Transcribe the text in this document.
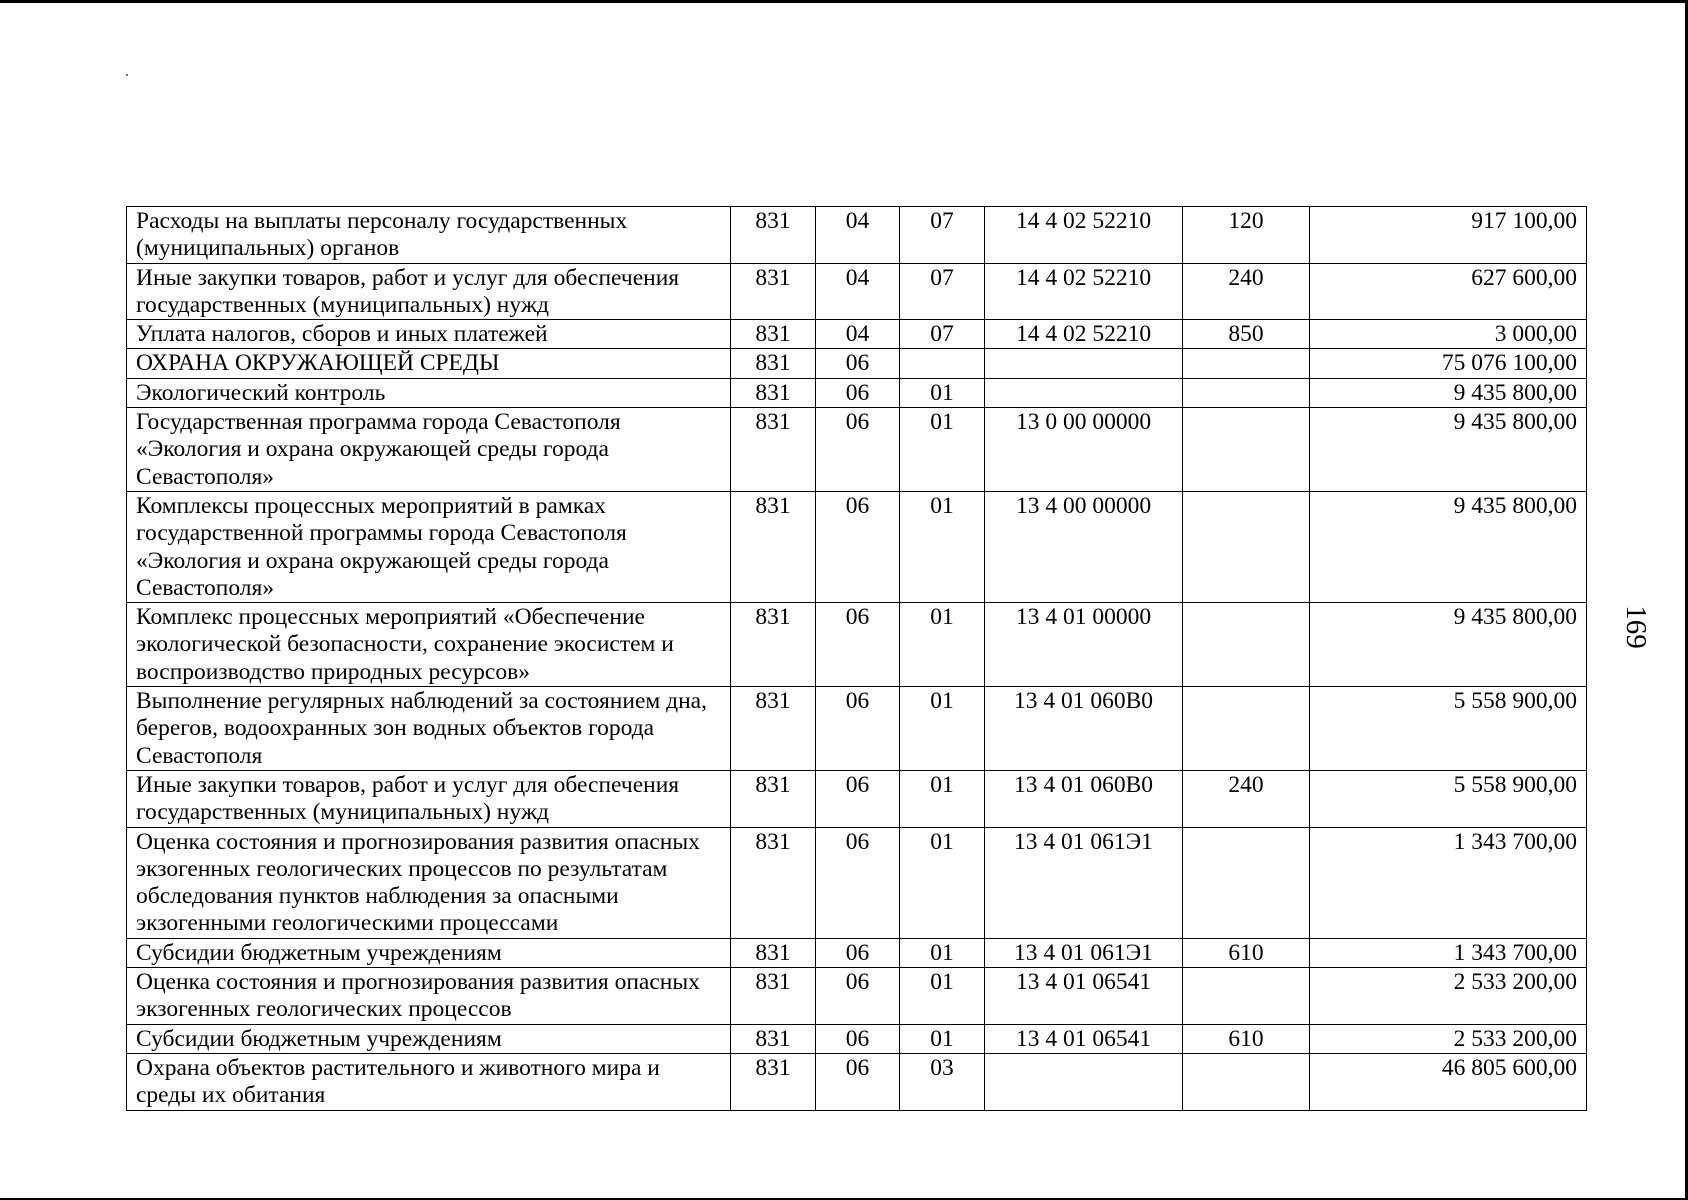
Расходы на выплаты персоналу государственных (муниципальных) органов	831	04	07	14 4 02 52210	120	917 100,00
Иные закупки товаров, работ и услуг для обеспечения государственных (муниципальных) нужд	831	04	07	14 4 02 52210	240	627 600,00
Уплата налогов, сборов и иных платежей	831	04	07	14 4 02 52210	850	3 000,00
ОХРАНА ОКРУЖАЮЩЕЙ СРЕДЫ	831	06				75 076 100,00
Экологический контроль	831	06	01			9 435 800,00
Государственная программа города Севастополя «Экология и охрана окружающей среды города Севастополя»	831	06	01	13 0 00 00000		9 435 800,00
Комплексы процессных мероприятий в рамках государственной программы города Севастополя «Экология и охрана окружающей среды города Севастополя»	831	06	01	13 4 00 00000		9 435 800,00
Комплекс процессных мероприятий «Обеспечение экологической безопасности, сохранение экосистем и воспроизводство природных ресурсов»	831	06	01	13 4 01 00000		9 435 800,00
Выполнение регулярных наблюдений за состоянием дна, берегов, водоохранных зон водных объектов города Севастополя	831	06	01	13 4 01 060В0		5 558 900,00
Иные закупки товаров, работ и услуг для обеспечения государственных (муниципальных) нужд	831	06	01	13 4 01 060В0	240	5 558 900,00
Оценка состояния и прогнозирования развития опасных экзогенных геологических процессов по результатам обследования пунктов наблюдения за опасными экзогенными геологическими процессами	831	06	01	13 4 01 061Э1		1 343 700,00
Субсидии бюджетным учреждениям	831	06	01	13 4 01 061Э1	610	1 343 700,00
Оценка состояния и прогнозирования развития опасных экзогенных геологических процессов	831	06	01	13 4 01 06541		2 533 200,00
Субсидии бюджетным учреждениям	831	06	01	13 4 01 06541	610	2 533 200,00
Охрана объектов растительного и животного мира и среды их обитания	831	06	03			46 805 600,00
169
